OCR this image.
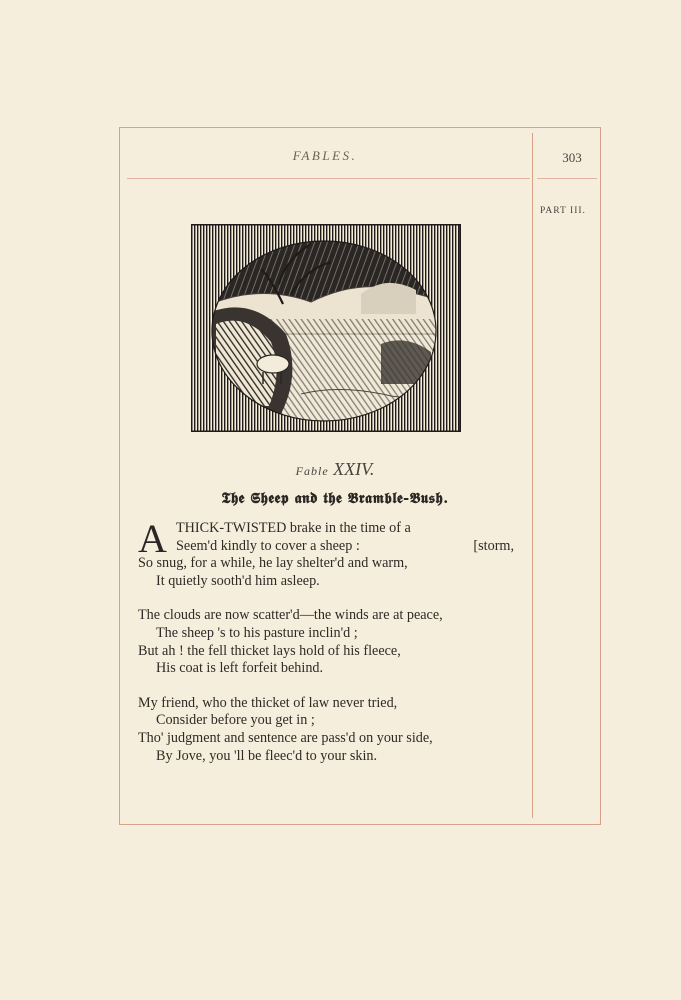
FABLES.	303
PART III.
Fable XXIV.
𝕿𝖍𝖊 𝕾𝖍𝖊𝖊𝖕 𝖆𝖓𝖉 𝖙𝖍𝖊 𝕭𝖗𝖆𝖒𝖇𝖑𝖊-𝕭𝖚𝖘𝖍.
A THICK-TWISTED brake in the time of a
Seem'd kindly to cover a sheep :	[storm,
So snug, for a while, he lay shelter'd and warm,
It quietly sooth'd him asleep.
The clouds are now scatter'd—the winds are at peace,
The sheep 's to his pasture inclin'd ;
But ah ! the fell thicket lays hold of his fleece,
His coat is left forfeit behind.
My friend, who the thicket of law never tried,
Consider before you get in ;
Tho' judgment and sentence are pass'd on your side,
By Jove, you 'll be fleec'd to your skin.
